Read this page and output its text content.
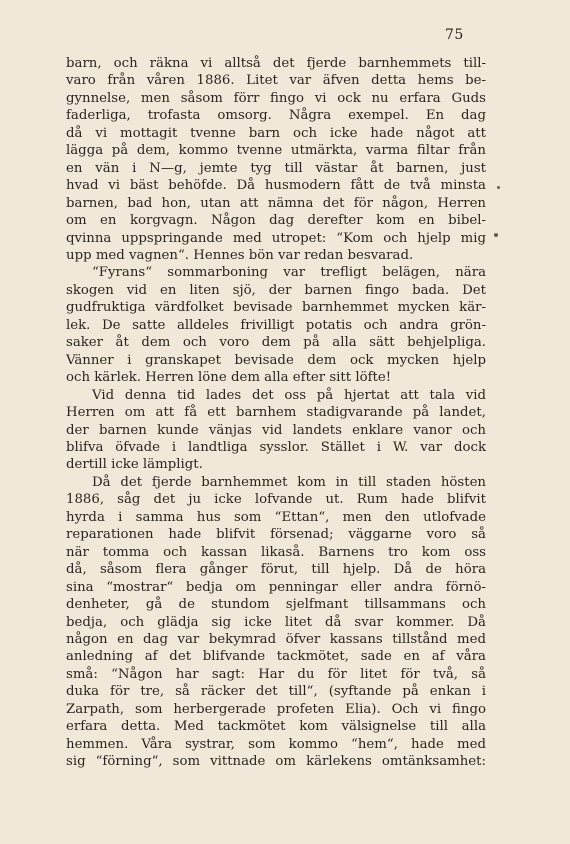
75
barn, och räkna vi alltså det fjerde barnhemmets till-
varo från våren 1886. Litet var äfven detta hems be-
gynnelse, men såsom förr fingo vi ock nu erfara Guds
faderliga, trofasta omsorg. Några exempel. En dag
då vi mottagit tvenne barn och icke hade något att
lägga på dem, kommo tvenne utmärkta, varma filtar från
en vän i N—g, jemte tyg till västar åt barnen, just
hvad vi bäst behöfde. Då husmodern fått de två minsta
barnen, bad hon, utan att nämna det för någon, Herren
om en korgvagn. Någon dag derefter kom en bibel-
qvinna uppspringande med utropet: “Kom och hjelp mig
upp med vagnen“. Hennes bön var redan besvarad.
“Fyrans“ sommarboning var trefligt belägen, nära
skogen vid en liten sjö, der barnen fingo bada. Det
gudfruktiga värdfolket bevisade barnhemmet mycken kär-
lek. De satte alldeles frivilligt potatis och andra grön-
saker åt dem och voro dem på alla sätt behjelpliga.
Vänner i granskapet bevisade dem ock mycken hjelp
och kärlek. Herren löne dem alla efter sitt löfte!
Vid denna tid lades det oss på hjertat att tala vid
Herren om att få ett barnhem stadigvarande på landet,
der barnen kunde vänjas vid landets enklare vanor och
blifva öfvade i landtliga sysslor. Stället i W. var dock
dertill icke lämpligt.
Då det fjerde barnhemmet kom in till staden hösten
1886, såg det ju icke lofvande ut. Rum hade blifvit
hyrda i samma hus som “Ettan“, men den utlofvade
reparationen hade blifvit försenad; väggarne voro så
när tomma och kassan likaså. Barnens tro kom oss
då, såsom flera gånger förut, till hjelp. Då de höra
sina “mostrar“ bedja om penningar eller andra förnö-
denheter, gå de stundom sjelfmant tillsammans och
bedja, och glädja sig icke litet då svar kommer. Då
någon en dag var bekymrad öfver kassans tillstånd med
anledning af det blifvande tackmötet, sade en af våra
små: “Någon har sagt: Har du för litet för två, så
duka för tre, så räcker det till“, (syftande på enkan i
Zarpath, som herbergerade profeten Elia). Och vi fingo
erfara detta. Med tackmötet kom välsignelse till alla
hemmen. Våra systrar, som kommo “hem“, hade med
sig “förning“, som vittnade om kärlekens omtänksamhet:
